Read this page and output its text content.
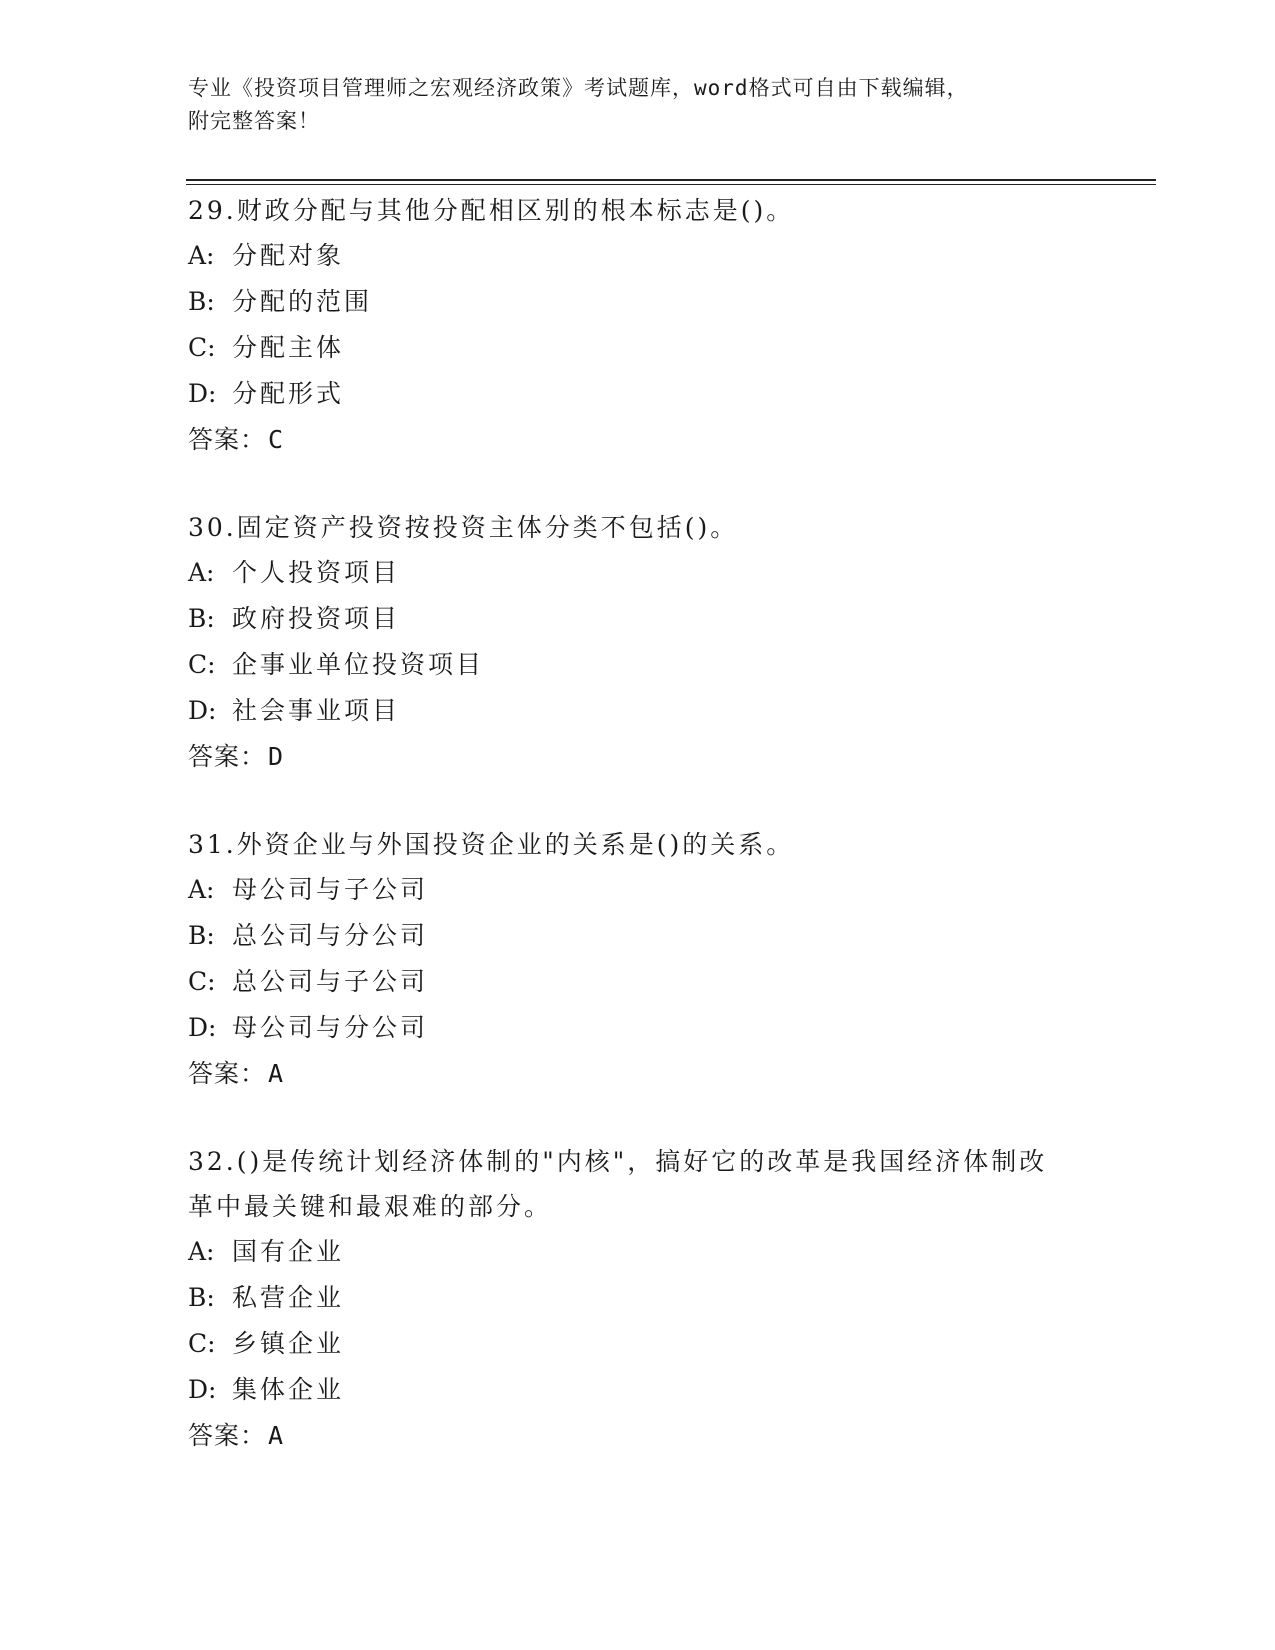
专业《投资项目管理师之宏观经济政策》考试题库，word格式可自由下载编辑，
附完整答案！

29.财政分配与其他分配相区别的根本标志是()。

A: 分配对象

B: 分配的范围

C: 分配主体

D: 分配形式

答案：C

30.固定资产投资按投资主体分类不包括()。

A: 个人投资项目

B: 政府投资项目

C: 企事业单位投资项目

D: 社会事业项目

答案：D

31.外资企业与外国投资企业的关系是()的关系。

A: 母公司与子公司

B: 总公司与分公司

C: 总公司与子公司

D: 母公司与分公司

答案：A

32.()是传统计划经济体制的"内核"，搞好它的改革是我国经济体制改革中最关键和最艰难的部分。

A: 国有企业

B: 私营企业

C: 乡镇企业

D: 集体企业

答案：A
